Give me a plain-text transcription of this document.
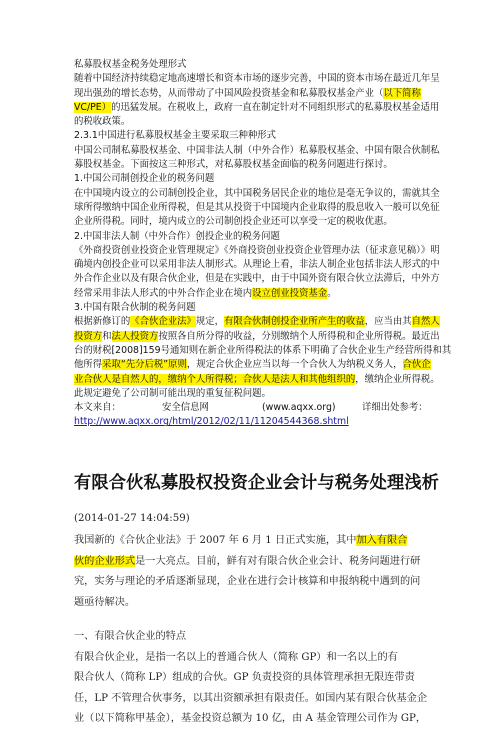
私募股权基金税务处理形式

随着中国经济持续稳定地高速增长和资本市场的逐步完善，中国的资本市场在最近几年呈

现出强劲的增长态势，从而带动了中国风险投资基金和私募股权基金产业（以下简称

VC/PE）的迅猛发展。在税收上，政府一直在制定针对不同组织形式的私募股权基金适用

的税收政策。

2.3.1中国进行私募股权基金主要采取三种种形式

中国公司制私募股权基金、中国非法人制（中外合作）私募股权基金、中国有限合伙制私

募股权基金。下面按这三种形式，对私募股权基金面临的税务问题进行探讨。

1.中国公司制创投企业的税务问题

在中国境内设立的公司制创投企业，其中国税务居民企业的地位是毫无争议的，需就其全

球所得缴纳中国企业所得税，但是其从投资于中国境内企业取得的股息收入一般可以免征

企业所得税。同时，境内成立的公司制创投企业还可以享受一定的税收优惠。

2.中国非法人制（中外合作）创投企业的税务问题

《外商投资创业投资企业管理规定》《外商投资创业投资企业管理办法（征求意见稿）》明

确境内创投企业可以采用非法人制形式。从理论上看，非法人制企业包括非法人形式的中

外合作企业以及有限合伙企业，但是在实践中，由于中国外资有限合伙立法滞后，中外方

经常采用非法人形式的中外合作企业在境内设立创业投资基金。

3.中国有限合伙制的税务问题

根据新修订的《合伙企业法》规定，有限合伙制创投企业所产生的收益，应当由其自然人

投资方和法人投资方按照各自所分得的收益，分别缴纳个人所得税和企业所得税。最近出

台的财税[2008]159号通知则在新企业所得税法的体系下明确了合伙企业生产经营所得和其

他所得采取“先分后税”原则，规定合伙企业应当以每一个合伙人为纳税义务人，合伙企

业合伙人是自然人的，缴纳个人所得税；合伙人是法人和其他组织的，缴纳企业所得税。

此规定避免了公司制可能出现的重复征税问题。

本文来自：	安全信息网	(www.aqxx.org)	详细出处参考：

http://www.aqxx.org/html/2012/02/11/11204544368.shtml

有限合伙私募股权投资企业会计与税务处理浅析

(2014-01-27 14:04:59)

我国新的《合伙企业法》于 2007 年 6 月 1 日正式实施，其中加入有限合

伙的企业形式是一大亮点。目前，鲜有对有限合伙企业会计、税务问题进行研

究，实务与理论的矛盾逐渐显现，企业在进行会计核算和申报纳税中遇到的问

题亟待解决。

一、有限合伙企业的特点

有限合伙企业，是指一名以上的普通合伙人（简称 GP）和一名以上的有

限合伙人（简称 LP）组成的合伙。GP 负责投资的具体管理承担无限连带责

任，LP 不管理合伙事务，以其出资额承担有限责任。如国内某有限合伙基金企

业（以下简称甲基金），基金投资总额为 10 亿，由 A 基金管理公司作为 GP，
